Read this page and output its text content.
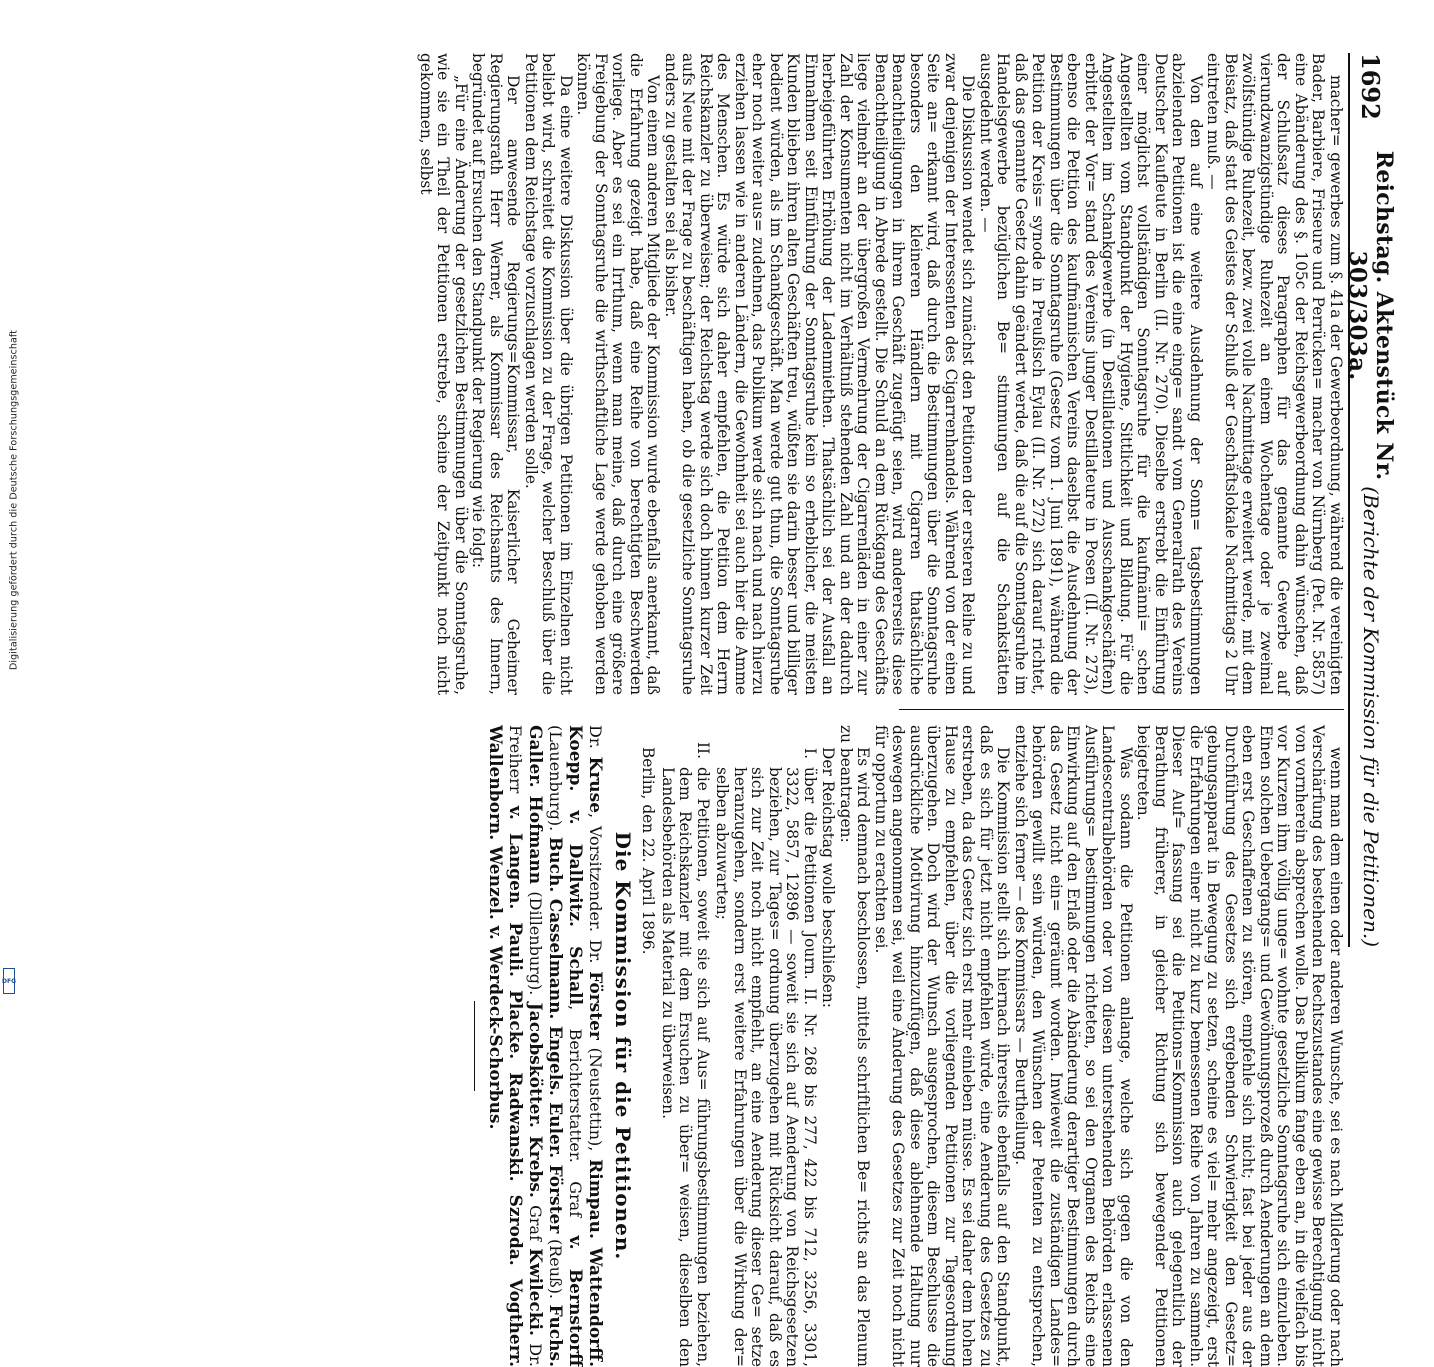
1692
Reichstag. Aktenstück Nr. 303/303a.
(Berichte der Kommission für die Petitionen.)

macher= gewerbes zum §. 41a der Gewerbeordnung, während die vereinigten Bader, Barbiere, Friseure und Perrücken= macher von Nürnberg (Pet. Nr. 5857) eine Abänderung des §. 105c der Reichsgewerbeordnung dahin wünschen, daß der Schlußsatz dieses Paragraphen für das genannte Gewerbe auf vierundzwanzigstündige Ruhezeit an einem Wochentage oder je zweimal zwölfstündige Ruhezeit, bezw. zwei volle Nachmittage erweitert werde, mit dem Beisatz, daß statt des Geistes der Schluß der Geschäftslokale Nachmittags 2 Uhr eintreten muß. —

Von den auf eine weitere Ausdehnung der Sonn= tagsbestimmungen abzielenden Petitionen ist die eine einge= sandt vom Generalrath des Vereins Deutscher Kaufleute in Berlin (II. Nr. 270). Dieselbe erstrebt die Einführung einer möglichst vollständigen Sonntagsruhe für die kaufmänni= schen Angestellten vom Standpunkt der Hygiene, Sittlichkeit und Bildung. Für die Angestellten im Schankgewerbe (in Destillationen und Ausschankgeschäften) erbittet der Vor= stand des Vereins junger Destillateure in Posen (II. Nr. 273), ebenso die Petition des kaufmännischen Vereins daselbst die Ausdehnung der Bestimmungen über die Sonntagsruhe (Gesetz vom 1. Juni 1891), während die Petition der Kreis= synode in Preußisch Eylau (II. Nr. 272) sich darauf richtet, daß das genannte Gesetz dahin geändert werde, daß die auf die Sonntagsruhe im Handelsgewerbe bezüglichen Be= stimmungen auf die Schankstätten ausgedehnt werden. —

Die Diskussion wendet sich zunächst den Petitionen der ersteren Reihe zu und zwar denjenigen der Interessenten des Cigarrenhandels. Während von der einen Seite an= erkannt wird, daß durch die Bestimmungen über die Sonntagsruhe besonders den kleineren Händlern mit Cigarren thatsächliche Benachtheiligungen in ihrem Geschäft zugefügt seien, wird andererseits diese Benachtheiligung in Abrede gestellt. Die Schuld an dem Rückgang des Geschäfts liege vielmehr an der übergroßen Vermehrung der Cigarrenläden in einer zur Zahl der Konsumenten nicht im Verhältniß stehenden Zahl und an der dadurch herbeigeführten Erhöhung der Ladenmiethen. Thatsächlich sei der Ausfall an Einnahmen seit Einführung der Sonntagsruhe kein so erheblicher, die meisten Kunden blieben ihren alten Geschäften treu, wüßten sie darin besser und billiger bedient würden, als im Schankgeschäft. Man werde gut thun, die Sonntagsruhe eher noch weiter aus= zudehnen, das Publikum werde sich nach und nach hierzu erziehen lassen wie in anderen Ländern, die Gewohnheit sei auch hier die Amme des Menschen. Es würde sich daher empfehlen, die Petition dem Herrn Reichskanzler zu überweisen; der Reichstag werde sich doch binnen kurzer Zeit aufs Neue mit der Frage zu beschäftigen haben, ob die gesetzliche Sonntagsruhe anders zu gestalten sei als bisher.

Von einem anderen Mitgliede der Kommission wurde ebenfalls anerkannt, daß die Erfahrung gezeigt habe, daß eine Reihe von berechtigten Beschwerden vorliege. Aber es sei ein Irrthum, wenn man meine, daß durch eine größere Freigebung der Sonntagsruhe die wirthschaftliche Lage werde gehoben werden können.

Da eine weitere Diskussion über die übrigen Petitionen im Einzelnen nicht beliebt wird, schreitet die Kommission zu der Frage, welcher Beschluß über die Petitionen dem Reichstage vorzuschlagen werden solle.

Der anwesende Regierungs=Kommissar, Kaiserlicher Geheimer Regierungsrath Herr Werner, als Kommissar des Reichsamts des Innern, begründet auf Ersuchen den Standpunkt der Regierung wie folgt:

„Für eine Änderung der gesetzlichen Bestimmungen über die Sonntagsruhe, wie sie ein Theil der Petitionen erstrebe, scheine der Zeitpunkt noch nicht gekommen, selbst

wenn man dem einen oder anderen Wunsche, sei es nach Milderung oder nach Verschärfung des bestehenden Rechtszustandes eine gewisse Berechtigung nicht von vornherein absprechen wolle. Das Publikum fange eben an, in die vielfach bis vor Kurzem ihm völlig unge= wohnte gesetzliche Sonntagsruhe sich einzuleben. Einen solchen Uebergangs= und Gewöhnungsprozeß durch Aenderungen an dem eben erst Geschaffenen zu stören, empfehle sich nicht; fast bei jeder aus der Durchführung des Gesetzes sich ergebenden Schwierigkeit den Gesetz= gebungsapparat in Bewegung zu setzen, scheine es viel= mehr angezeigt, erst die Erfahrungen einer nicht zu kurz bemessenen Reihe von Jahren zu sammeln. Dieser Auf= fassung sei die Petitions=Kommission auch gelegentlich der Berathung früherer, in gleicher Richtung sich bewegender Petitionen beigetreten.

Was sodann die Petitionen anlange, welche sich gegen die von den Landescentralbehörden oder von diesen unterstehenden Behörden erlassenen Ausführungs= bestimmungen richteten, so sei den Organen des Reichs eine Einwirkung auf den Erlaß oder die Abänderung derartiger Bestimmungen durch das Gesetz nicht ein= geräumt worden. Inwieweit die zuständigen Landes= behörden gewillt sein würden, den Wünschen der Petenten zu entsprechen, entziehe sich ferner — des Kommissars — Beurtheilung.

Die Kommission stellt sich hiernach ihrerseits ebenfalls auf den Standpunkt, daß es sich für jetzt nicht empfehlen würde, eine Aenderung des Gesetzes zu erstreben, da das Gesetz sich erst mehr einleben müsse. Es sei daher dem hohen Hause zu empfehlen, über die vorliegenden Petitionen zur Tagesordnung überzugehen. Doch wird der Wunsch ausgesprochen, diesem Beschlusse die ausdrückliche Motivirung hinzuzufügen, daß diese ablehnende Haltung nur deswegen angenommen sei, weil eine Änderung des Gesetzes zur Zeit noch nicht für opportun zu erachten sei.

Es wird demnach beschlossen, mittels schriftlichen Be= richts an das Plenum zu beantragen:

Der Reichstag wolle beschließen:

I.
über die Petitionen Journ. II. Nr. 268 bis 277, 422 bis 712, 3256, 3301, 3322, 5857, 12896 — soweit sie sich auf Aenderung von Reichsgesetzen beziehen, zur Tages= ordnung überzugehen mit Rücksicht darauf, daß es sich zur Zeit noch nicht empfiehlt, an eine Aenderung dieser Ge= setze heranzugehen, sondern erst weitere Erfahrungen über die Wirkung der= selben abzuwarten;
II.
die Petitionen, soweit sie sich auf Aus= führungsbestimmungen beziehen, dem Reichskanzler mit dem Ersuchen zu über= weisen, dieselben den Landesbehörden als Material zu überweisen.

Berlin, den 22. April 1896.

Die Kommission für die Petitionen.
Dr. Kruse, Vorsitzender. Dr. Förster (Neustettin), Rimpau. Wattendorff. Koepp. v. Dallwitz. Schall, Berichterstatter. Graf v. Bernstorff (Lauenburg). Buch. Casselmann. Engels. Euler. Förster (Reuß). Fuchs. Galler. Hofmann (Dillenburg). Jacobskötter. Krebs. Graf Kwilecki. Dr. Freiherr v. Langen. Pauli. Placke. Radwanski. Szroda. Vogtherr. Wallenborn. Wenzel. v. Werdeck-Schorbus.
Digitalisierung gefördert durch die Deutsche Forschungsgemeinschaft
DFG
